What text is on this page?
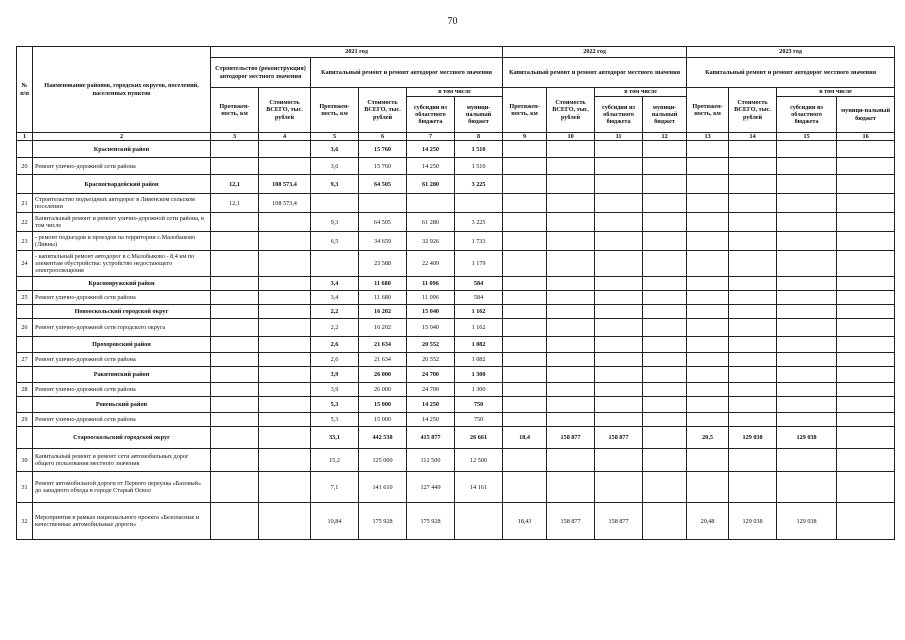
70
№
п/п	Наименование районов, городских округов, поселений, населенных пунктов	2021 год						2022 год				2023 год			
		Строительство (реконструкция) автодорог местного значения		Капитальный ремонт и ремонт автодорог местного значения				Капитальный ремонт и ремонт автодорог местного значения				Капитальный ремонт и ремонт автодорог местного значения			
		Протяжен-ность, км	Стоимость ВСЕГО, тыс. рублей	Протяжен-ность, км	Стоимость ВСЕГО, тыс. рублей	в том числе		Протяжен-ность, км	Стоимость ВСЕГО, тыс. рублей	в том числе		Протяжен-ность, км	Стоимость ВСЕГО, тыс. рублей	в том числе	
						субсидии из областного бюджета	муници-пальный бюджет			субсидии из областного бюджета	муници-пальный бюджет			субсидии из областного бюджета	муници-пальный бюджет
1	2	3	4	5	6	7	8	9	10	11	12	13	14	15	16
	Красненский район			3,6	15 760	14 250	1 510								
20	Ремонт улично-дорожной сети района			3,6	15 760	14 250	1 510								
	Красногвардейский район	12,1	108 573,4	9,3	64 505	61 280	3 225								
21	Строительство подъездных автодорог в Ливенском сельском поселении	12,1	108 573,4												
22	Капитальный ремонт и ремонт улично-дорожной сети района, в том числе			9,3	64 505	61 280	3 225								
23	- ремонт подъездов и проездов на территории с.Малобыково (Ливны)			6,5	34 659	32 926	1 733								
24	- капитальный ремонт автодорог в с.Малобыково - 8,4 км по элементам обустройства: устройство недостающего электроосвещения				23 588	22 409	1 179								
	Краснояружский район			3,4	11 680	11 096	584								
25	Ремонт улично-дорожной сети района			3,4	11 680	11 096	584								
	Новооскольский городской округ			2,2	16 202	15 040	1 162								
26	Ремонт улично-дорожной сети городского округа			2,2	16 202	15 040	1 162								
	Прохоровский район			2,6	21 634	20 552	1 082								
27	Ремонт улично-дорожной сети района			2,6	21 634	20 552	1 082								
	Ракитянский район			3,9	26 000	24 700	1 300								
28	Ремонт улично-дорожной сети района			3,9	26 000	24 700	1 300								
	Ровеньский район			5,3	15 000	14 250	750								
29	Ремонт улично-дорожной сети района			5,3	15 000	14 250	750								
	Старооскольский городской округ			33,1	442 538	415 877	26 661	18,4	158 877	158 877		20,5	129 038	129 038	
30	Капитальный ремонт и ремонт сети автомобильных дорог общего пользования местного значения			15,2	125 000	112 500	12 500								
31	Ремонт автомобильной дороги от Первого переулка «Базовый» до западного обхода в городе Старый Оскол			7,1	141 610	127 449	14 161								
32	Мероприятия в рамках национального проекта «Безопасные и качественные автомобильные дороги»			10,84	175 928	175 928		18,43	158 877	158 877		20,48	129 038	129 038	
